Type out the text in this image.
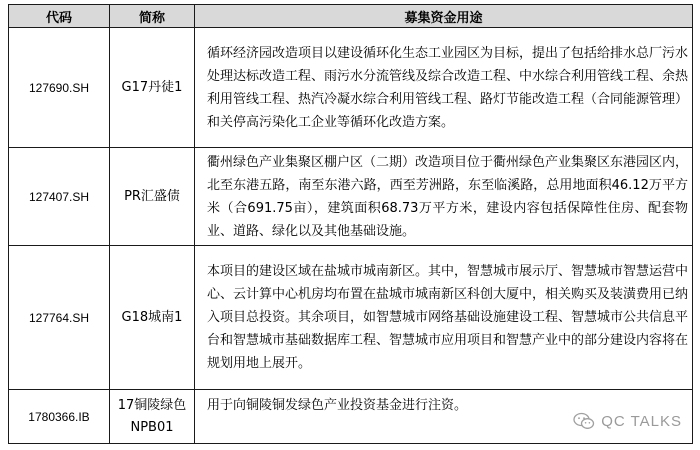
代码	简称	募集资金用途
127690.SH	G17丹徒1	循环经济园改造项目以建设循环化生态工业园区为目标，提出了包括给排水总厂污水处理达标改造工程、雨污水分流管线及综合改造工程、中水综合利用管线工程、余热利用管线工程、热汽冷凝水综合利用管线工程、路灯节能改造工程（合同能源管理）和关停高污染化工企业等循环化改造方案。
127407.SH	PR汇盛债	衢州绿色产业集聚区棚户区（二期）改造项目位于衢州绿色产业集聚区东港园区内，北至东港五路，南至东港六路，西至芳洲路，东至临溪路，总用地面积46.12万平方米（合691.75亩），建筑面积68.73万平方米，建设内容包括保障性住房、配套物业、道路、绿化以及其他基础设施。
127764.SH	G18城南1	本项目的建设区域在盐城市城南新区。其中，智慧城市展示厅、智慧城市智慧运营中心、云计算中心机房均布置在盐城市城南新区科创大厦中，相关购买及装潢费用已纳入项目总投资。其余项目，如智慧城市网络基础设施建设工程、智慧城市公共信息平台和智慧城市基础数据库工程、智慧城市应用项目和智慧产业中的部分建设内容将在规划用地上展开。
1780366.IB	17铜陵绿色NPB01	用于向铜陵铜发绿色产业投资基金进行注资。
QC TALKS
